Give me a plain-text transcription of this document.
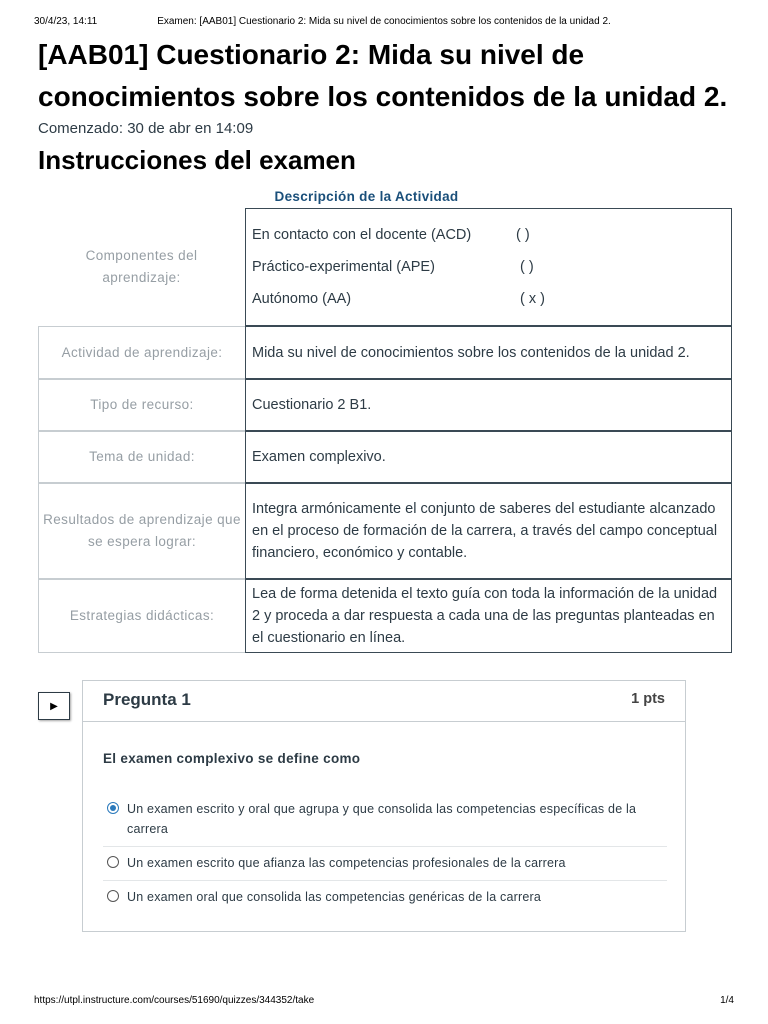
30/4/23, 14:11	Examen: [AAB01] Cuestionario 2: Mida su nivel de conocimientos sobre los contenidos de la unidad 2.
[AAB01] Cuestionario 2: Mida su nivel de conocimientos sobre los contenidos de la unidad 2.
Comenzado: 30 de abr en 14:09
Instrucciones del examen
Descripción de la Actividad
Componentes del aprendizaje:
En contacto con el docente (ACD)	( )
Práctico-experimental (APE)	( )
Autónomo (AA)	( x )
Actividad de aprendizaje:	Mida su nivel de conocimientos sobre los contenidos de la unidad 2.
Tipo de recurso:	Cuestionario 2 B1.
Tema de unidad:	Examen complexivo.
Resultados de aprendizaje que se espera lograr:
Integra armónicamente el conjunto de saberes del estudiante alcanzado en el proceso de formación de la carrera, a través del campo conceptual financiero, económico y contable.
Estrategias didácticas:
Lea de forma detenida el texto guía con toda la información de la unidad 2 y proceda a dar respuesta a cada una de las preguntas planteadas en el cuestionario en línea.
▶	Pregunta 1	1 pts
El examen complexivo se define como
Un examen escrito y oral que agrupa y que consolida las competencias específicas de la carrera
Un examen escrito que afianza las competencias profesionales de la carrera
Un examen oral que consolida las competencias genéricas de la carrera
https://utpl.instructure.com/courses/51690/quizzes/344352/take	1/4
